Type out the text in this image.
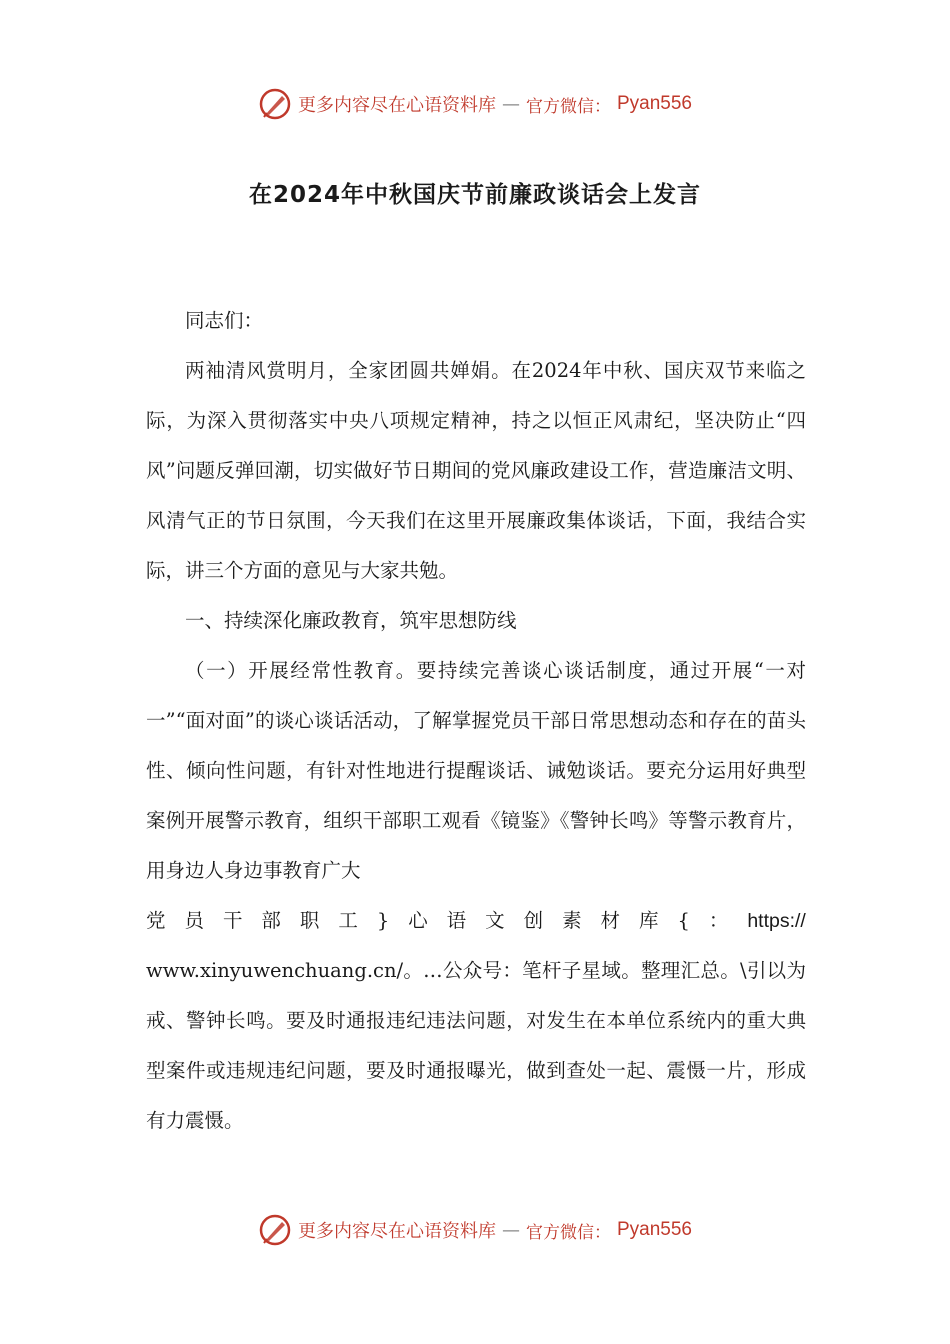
更多内容尽在心语资料库 — 官方微信： Pyan556
在2024年中秋国庆节前廉政谈话会上发言

同志们：

两袖清风赏明月，全家团圆共婵娟。在2024年中秋、国庆双节来临之际，为深入贯彻落实中央八项规定精神，持之以恒正风肃纪，坚决防止“四风”问题反弹回潮，切实做好节日期间的党风廉政建设工作，营造廉洁文明、风清气正的节日氛围，今天我们在这里开展廉政集体谈话，下面，我结合实际，讲三个方面的意见与大家共勉。

一、持续深化廉政教育，筑牢思想防线

（一）开展经常性教育。要持续完善谈心谈话制度，通过开展“一对一”“面对面”的谈心谈话活动，了解掌握党员干部日常思想动态和存在的苗头性、倾向性问题，有针对性地进行提醒谈话、诫勉谈话。要充分运用好典型案例开展警示教育，组织干部职工观看《镜鉴》《警钟长鸣》等警示教育片，用身边人身边事教育广大

党 员 干 部 职 工 } 心 语 文 创 素 材 库 { ： https://

www.xinyuwenchuang.cn/。…公众号：笔杆子星域。整理汇总。\引以为戒、警钟长鸣。要及时通报违纪违法问题，对发生在本单位系统内的重大典型案件或违规违纪问题，要及时通报曝光，做到查处一起、震慑一片，形成有力震慑。

更多内容尽在心语资料库 — 官方微信： Pyan556
